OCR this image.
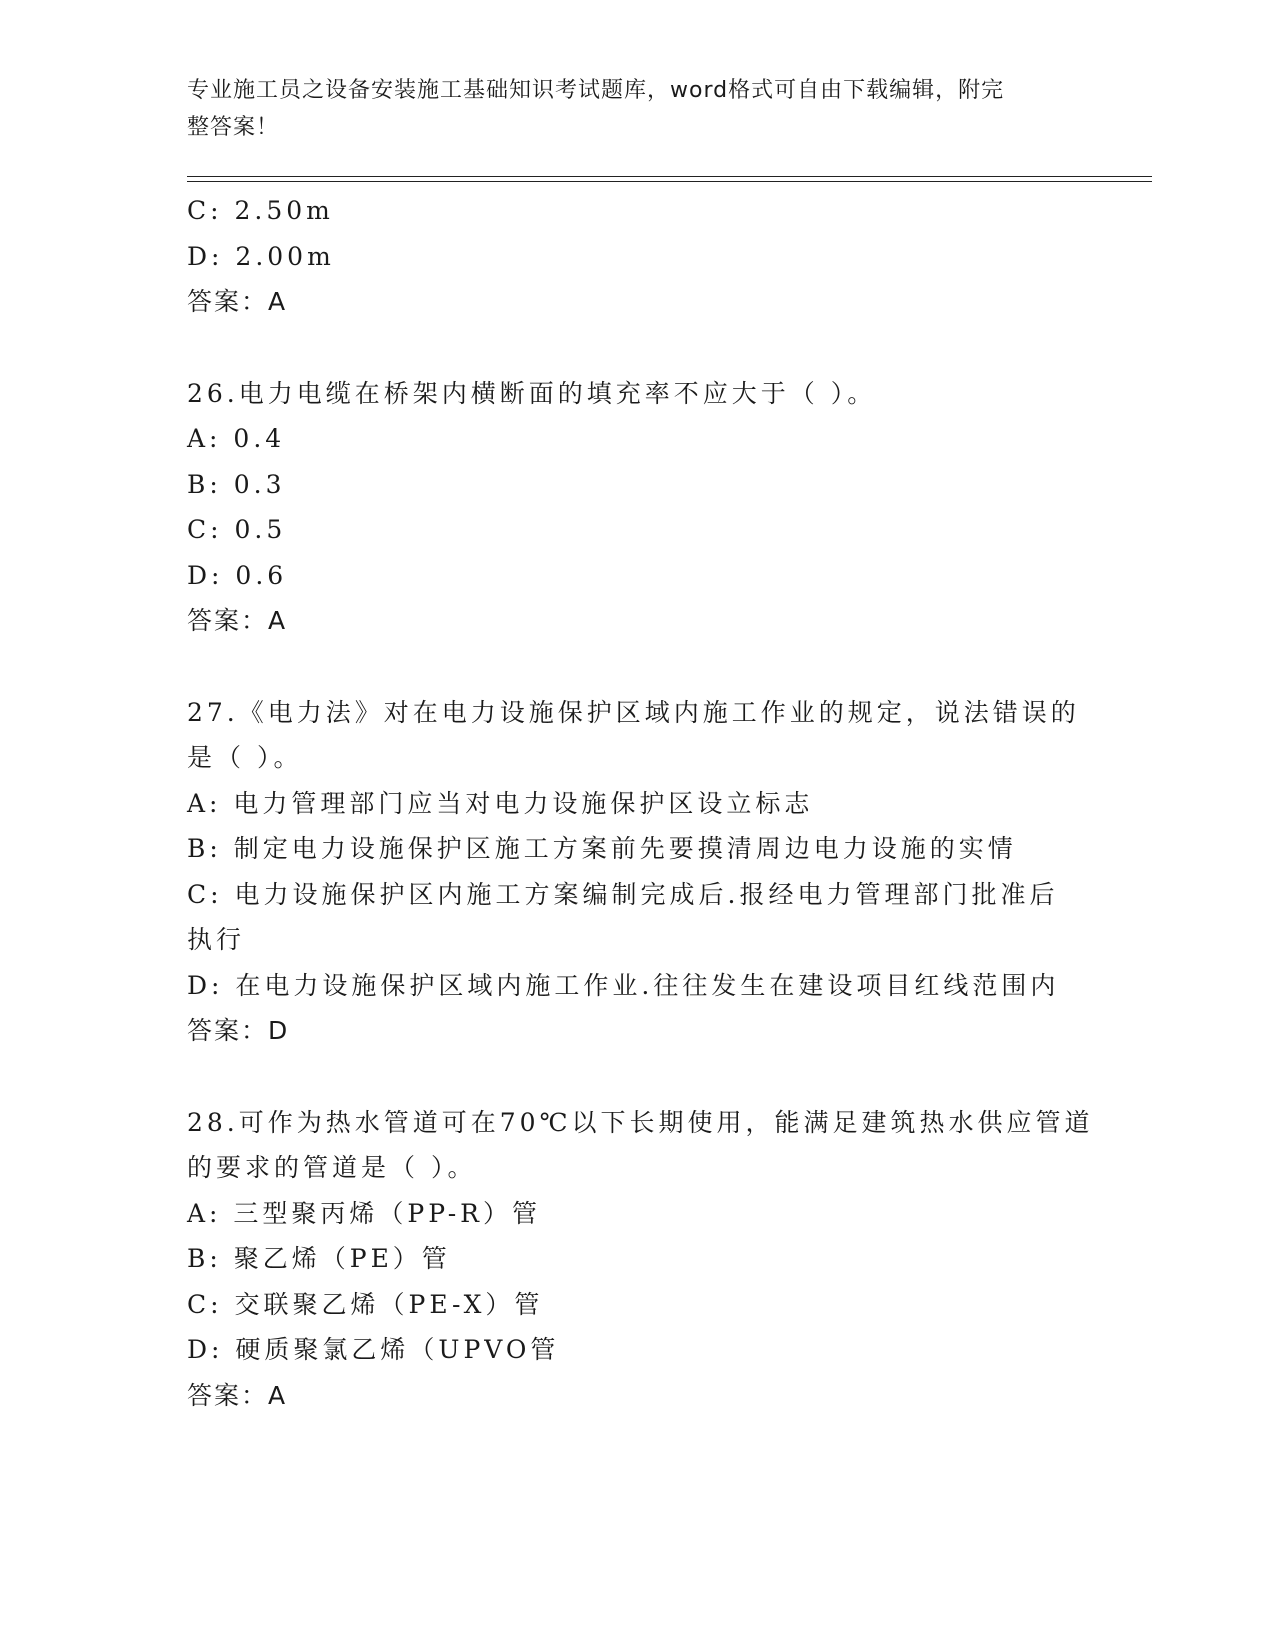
专业施工员之设备安装施工基础知识考试题库，word格式可自由下载编辑，附完
整答案！
C: 2.50m
D: 2.00m
答案：A
26.电力电缆在桥架内横断面的填充率不应大于（ ）。
A: 0.4
B: 0.3
C: 0.5
D: 0.6
答案：A
27.《电力法》对在电力设施保护区域内施工作业的规定，说法错误的
是（ ）。
A: 电力管理部门应当对电力设施保护区设立标志
B: 制定电力设施保护区施工方案前先要摸清周边电力设施的实情
C: 电力设施保护区内施工方案编制完成后.报经电力管理部门批准后
执行
D: 在电力设施保护区域内施工作业.往往发生在建设项目红线范围内
答案：D
28.可作为热水管道可在70℃以下长期使用，能满足建筑热水供应管道
的要求的管道是（ ）。
A: 三型聚丙烯（PP-R）管
B: 聚乙烯（PE）管
C: 交联聚乙烯（PE-X）管
D: 硬质聚氯乙烯（UPVO管
答案：A
